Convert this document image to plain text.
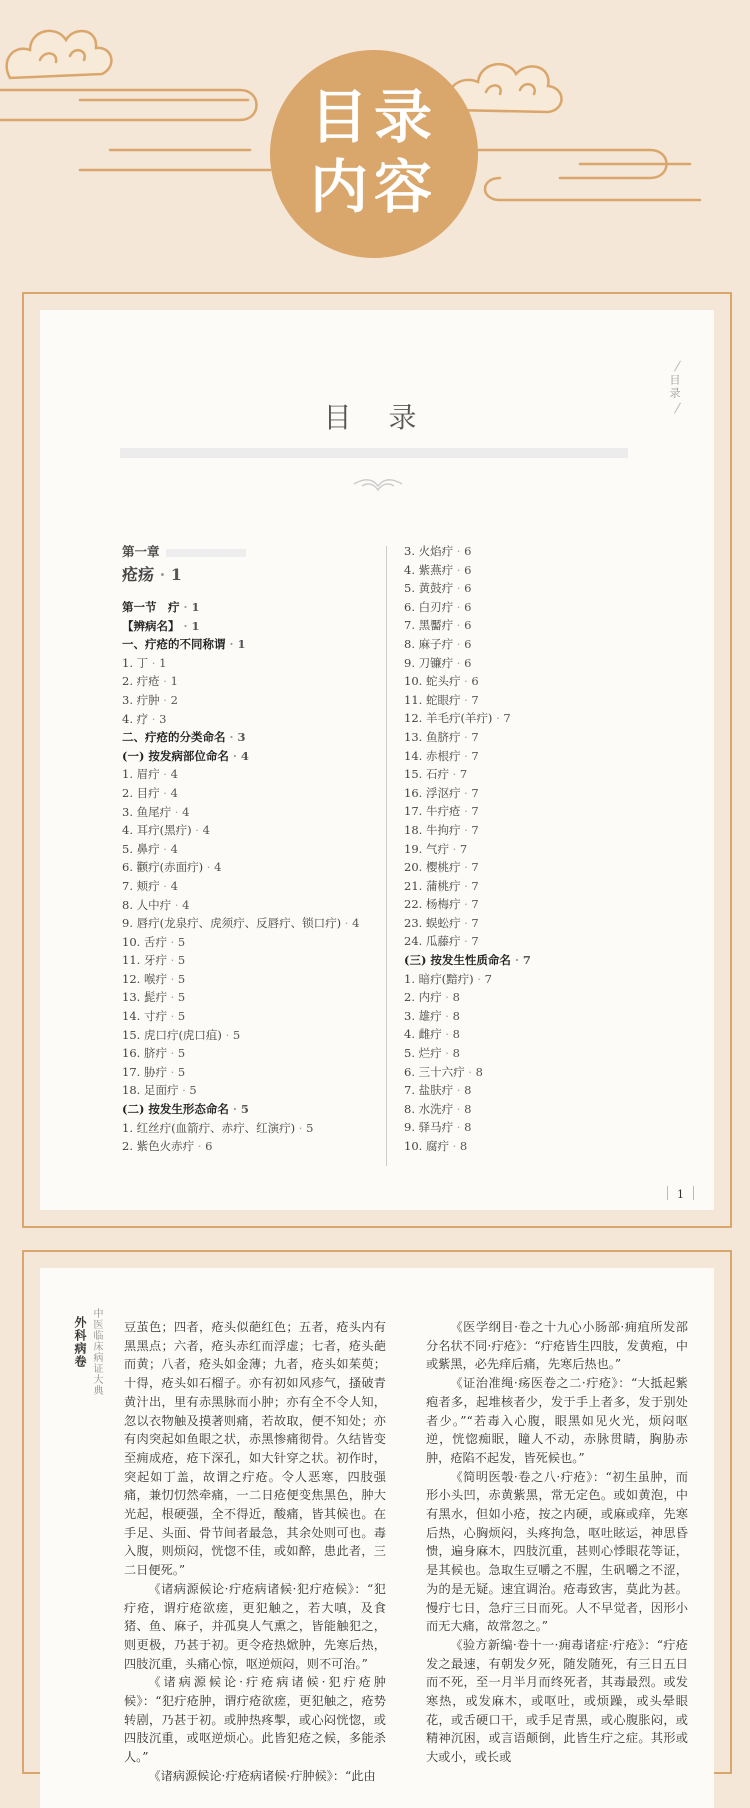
目录
内容
目录
目 录
第一章
疮疡 · 1
第一节　疔 · 1
【辨病名】 · 1
一、疔疮的不同称谓 · 1
1. 丁 · 1
2. 疔疮 · 1
3. 疔肿 · 2
4. 疗 · 3
二、疔疮的分类命名 · 3
(一) 按发病部位命名 · 4
1. 眉疔 · 4
2. 目疔 · 4
3. 鱼尾疔 · 4
4. 耳疔(黑疔) · 4
5. 鼻疔 · 4
6. 颧疔(赤面疔) · 4
7. 颊疔 · 4
8. 人中疔 · 4
9. 唇疔(龙泉疔、虎须疔、反唇疔、锁口疔) · 4
10. 舌疔 · 5
11. 牙疔 · 5
12. 喉疔 · 5
13. 髭疔 · 5
14. 寸疔 · 5
15. 虎口疔(虎口疽) · 5
16. 脐疔 · 5
17. 胁疔 · 5
18. 足面疔 · 5
(二) 按发生形态命名 · 5
1. 红丝疔(血箭疔、赤疔、红演疔) · 5
2. 紫色火赤疔 · 6
3. 火焰疔 · 6
4. 紫燕疔 · 6
5. 黄鼓疔 · 6
6. 白刃疔 · 6
7. 黑靨疔 · 6
8. 麻子疔 · 6
9. 刀镰疔 · 6
10. 蛇头疔 · 6
11. 蛇眼疔 · 7
12. 羊毛疔(羊疔) · 7
13. 鱼脐疔 · 7
14. 赤根疔 · 7
15. 石疔 · 7
16. 浮沤疔 · 7
17. 牛疔疮 · 7
18. 牛拘疔 · 7
19. 气疔 · 7
20. 樱桃疔 · 7
21. 蒲桃疔 · 7
22. 杨梅疔 · 7
23. 蜈蚣疔 · 7
24. 瓜藤疔 · 7
(三) 按发生性质命名 · 7
1. 暗疔(黯疔) · 7
2. 内疔 · 8
3. 雄疔 · 8
4. 雌疔 · 8
5. 烂疔 · 8
6. 三十六疔 · 8
7. 盐肤疔 · 8
8. 水洗疔 · 8
9. 驿马疔 · 8
10. 腐疔 · 8
1
中医临床病证大典
外科病卷	豆茧色；四者，疮头似葩红色；五者，疮头内有黑黑点；六者，疮头赤红而浮虚；七者，疮头葩而黄；八者，疮头如金薄；九者，疮头如茱萸；十得，疮头如石榴子。亦有初如风疹气，搔破青黄汁出，里有赤黑脉而小肿；亦有全不令人知，忽以衣物触及摸著则痛，若故取，便不知处；亦有肉突起如鱼眼之状，赤黑惨痛彻骨。久结皆变至痈成疮，疮下深孔，如大针穿之状。初作时，突起如丁盖，故谓之疔疮。令人恶寒，四肢强痛，兼忉忉然牵痛，一二日疮便变焦黑色，肿大光起，根硬强，全不得近，酸痛，皆其候也。在手足、头面、骨节间者最急，其余处则可也。毒入腹，则烦闷，恍惚不佳，或如醉，患此者，三二日便死。”

《诸病源候论·疔疮病诸候·犯疔疮候》：“犯疔疮，谓疔疮欲瘥，更犯触之，若大嗔，及食猪、鱼、麻子，并孤臭人气熏之，皆能触犯之，则更极，乃甚于初。更令疮热焮肿，先寒后热，四肢沉重，头痛心惊，呕逆烦闷，则不可治。”

《诸病源候论·疔疮病诸候·犯疔疮肿候》：“犯疔疮肿，谓疔疮欲瘥，更犯触之，疮势转剧，乃甚于初。或肿热疼掣，或心闷恍惚，或四肢沉重，或呕逆烦心。此皆犯疮之候，多能杀人。”

《诸病源候论·疔疮病诸候·疔肿候》：“此由

《医学纲目·卷之十九心小肠部·痈疽所发部分名状不同·疔疮》：“疔疮皆生四肢，发黄疱，中或紫黑，必先痒后痛，先寒后热也。”

《证治准绳·疡医卷之二·疔疮》：“大抵起紫疱者多，起堆核者少，发于手上者多，发于别处者少。”“若毒入心腹，眼黑如见火光，烦闷呕逆，恍惚痴眠，瞳人不动，赤脉贯睛，胸胁赤肿，疮陷不起发，皆死候也。”

《简明医彀·卷之八·疔疮》：“初生虽肿，而形小头凹，赤黄紫黑，常无定色。或如黄泡，中有黑水，但如小疮，按之内硬，或麻或痒，先寒后热，心胸烦闷，头疼拘急，呕吐眩运，神思昏愦，遍身麻木，四肢沉重，甚则心悸眼花等证，是其候也。急取生豆嚼之不腥，生矾嚼之不涩，为的是无疑。速宜调治。疮毒致害，莫此为甚。慢疔七日，急疔三日而死。人不早觉者，因形小而无大痛，故常忽之。”

《验方新编·卷十一·痈毒诸症·疔疮》：“疔疮发之最速，有朝发夕死，随发随死，有三日五日而不死，至一月半月而终死者，其毒最烈。或发寒热，或发麻木，或呕吐，或烦躁，或头晕眼花，或舌硬口干，或手足青黑，或心腹胀闷，或精神沉困，或言语颠倒，此皆生疔之症。其形或大或小，或长或
